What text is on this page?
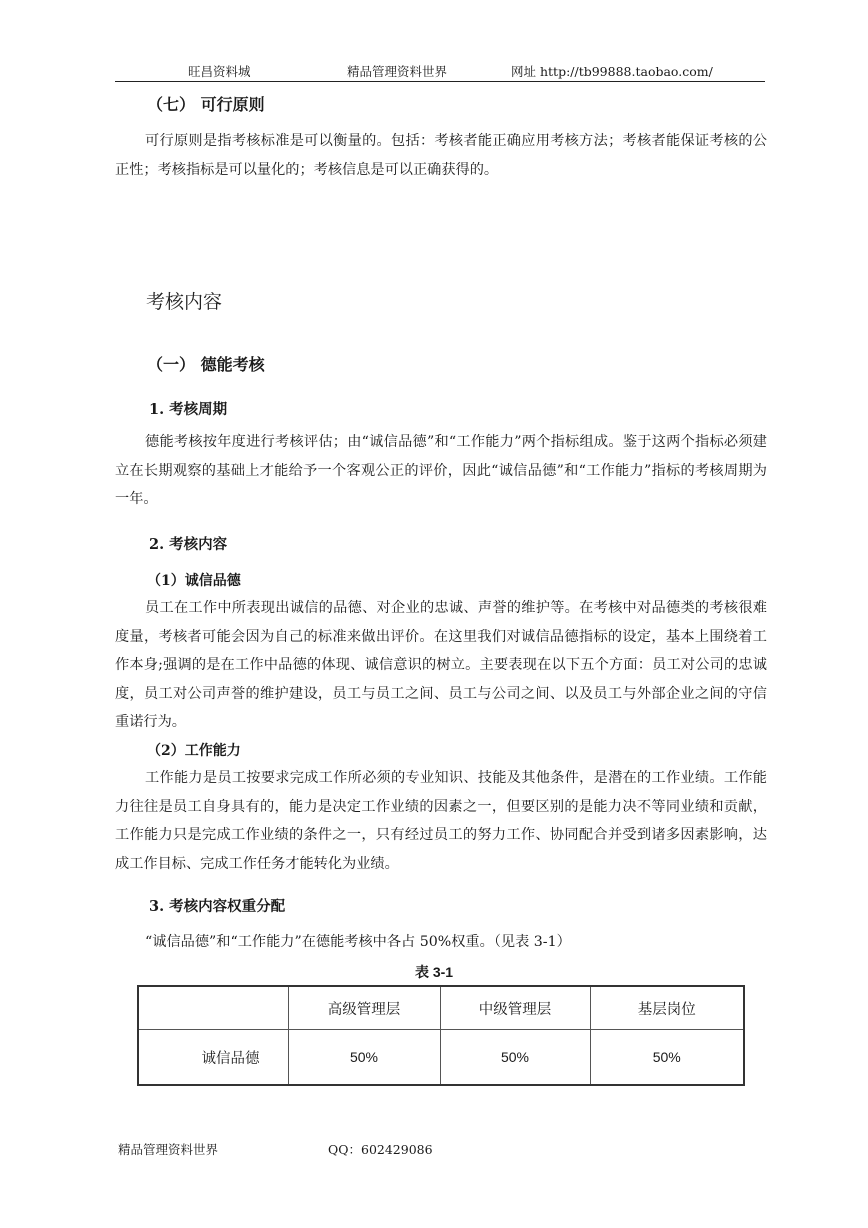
旺昌资料城	精品管理资料世界	网址 http://tb99888.taobao.com/
（七） 可行原则

可行原则是指考核标准是可以衡量的。包括：考核者能正确应用考核方法；考核者能保证考核的公正性；考核指标是可以量化的；考核信息是可以正确获得的。

考核内容
（一） 德能考核
1. 考核周期

德能考核按年度进行考核评估；由“诚信品德”和“工作能力”两个指标组成。鉴于这两个指标必须建立在长期观察的基础上才能给予一个客观公正的评价，因此“诚信品德”和“工作能力”指标的考核周期为一年。

2. 考核内容
（1）诚信品德

员工在工作中所表现出诚信的品德、对企业的忠诚、声誉的维护等。在考核中对品德类的考核很难度量，考核者可能会因为自己的标准来做出评价。在这里我们对诚信品德指标的设定，基本上围绕着工作本身;强调的是在工作中品德的体现、诚信意识的树立。主要表现在以下五个方面：员工对公司的忠诚度，员工对公司声誉的维护建设，员工与员工之间、员工与公司之间、以及员工与外部企业之间的守信重诺行为。

（2）工作能力

工作能力是员工按要求完成工作所必须的专业知识、技能及其他条件，是潜在的工作业绩。工作能力往往是员工自身具有的，能力是决定工作业绩的因素之一，但要区别的是能力决不等同业绩和贡献，工作能力只是完成工作业绩的条件之一，只有经过员工的努力工作、协同配合并受到诸多因素影响，达成工作目标、完成工作任务才能转化为业绩。

3. 考核内容权重分配

“诚信品德”和“工作能力”在德能考核中各占 50%权重。（见表 3-1）

表 3-1
	高级管理层	中级管理层	基层岗位
诚信品德	50%	50%	50%
精品管理资料世界	QQ：602429086
